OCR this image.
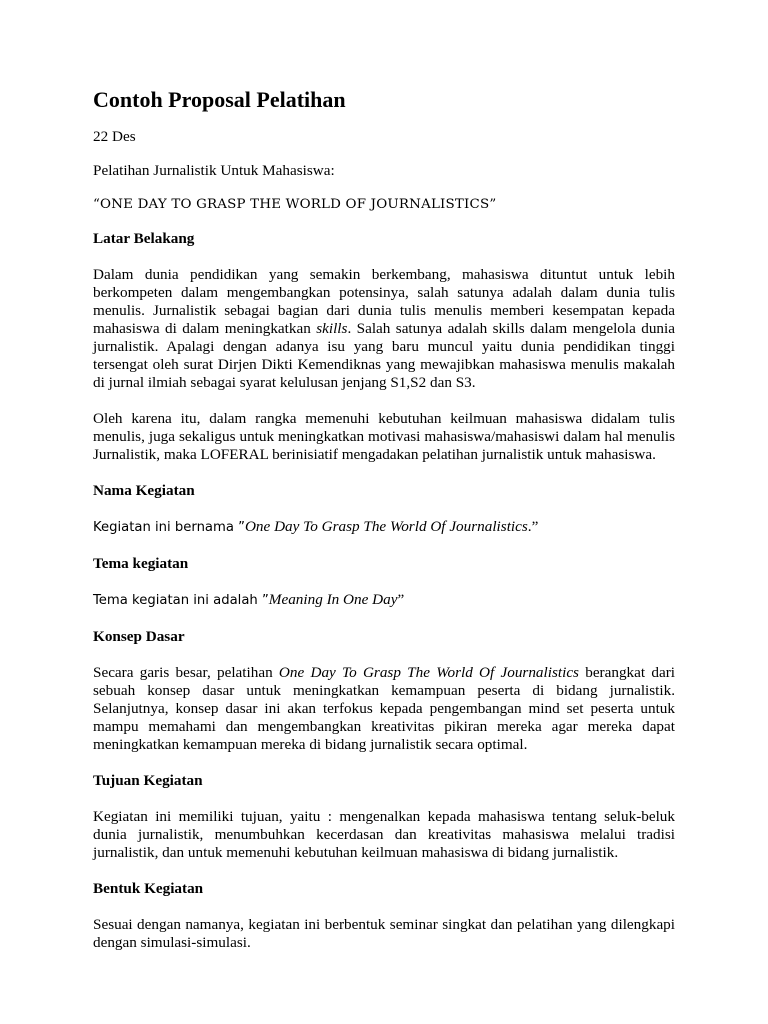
Contoh Proposal Pelatihan

22 Des

Pelatihan Jurnalistik Untuk Mahasiswa:

“ONE DAY TO GRASP THE WORLD OF JOURNALISTICS”

Latar Belakang

Dalam dunia pendidikan yang semakin berkembang, mahasiswa dituntut untuk lebih berkompeten dalam mengembangkan potensinya, salah satunya adalah dalam dunia tulis menulis. Jurnalistik sebagai bagian dari dunia tulis menulis memberi kesempatan kepada mahasiswa di dalam meningkatkan skills. Salah satunya adalah skills dalam mengelola dunia jurnalistik. Apalagi dengan adanya isu yang baru muncul yaitu dunia pendidikan tinggi tersengat oleh surat Dirjen Dikti Kemendiknas yang mewajibkan mahasiswa menulis makalah di jurnal ilmiah sebagai syarat kelulusan jenjang S1,S2 dan S3.

Oleh karena itu, dalam rangka memenuhi kebutuhan keilmuan mahasiswa didalam tulis menulis, juga sekaligus untuk meningkatkan motivasi mahasiswa/mahasiswi dalam hal menulis Jurnalistik, maka LOFERAL berinisiatif mengadakan pelatihan jurnalistik untuk mahasiswa.

Nama Kegiatan

Kegiatan ini bernama ”One Day To Grasp The World Of Journalistics.”

Tema kegiatan

Tema kegiatan ini adalah ”Meaning In One Day”

Konsep Dasar

Secara garis besar, pelatihan One Day To Grasp The World Of Journalistics berangkat dari sebuah konsep dasar untuk meningkatkan kemampuan peserta di bidang jurnalistik. Selanjutnya, konsep dasar ini akan terfokus kepada pengembangan mind set peserta untuk mampu memahami dan mengembangkan kreativitas pikiran mereka agar mereka dapat meningkatkan kemampuan mereka di bidang jurnalistik secara optimal.

Tujuan Kegiatan

Kegiatan ini memiliki tujuan, yaitu : mengenalkan kepada mahasiswa tentang seluk-beluk dunia jurnalistik, menumbuhkan kecerdasan dan kreativitas mahasiswa melalui tradisi jurnalistik, dan untuk memenuhi kebutuhan keilmuan mahasiswa di bidang jurnalistik.

Bentuk Kegiatan

Sesuai dengan namanya, kegiatan ini berbentuk seminar singkat dan pelatihan yang dilengkapi dengan simulasi-simulasi.
